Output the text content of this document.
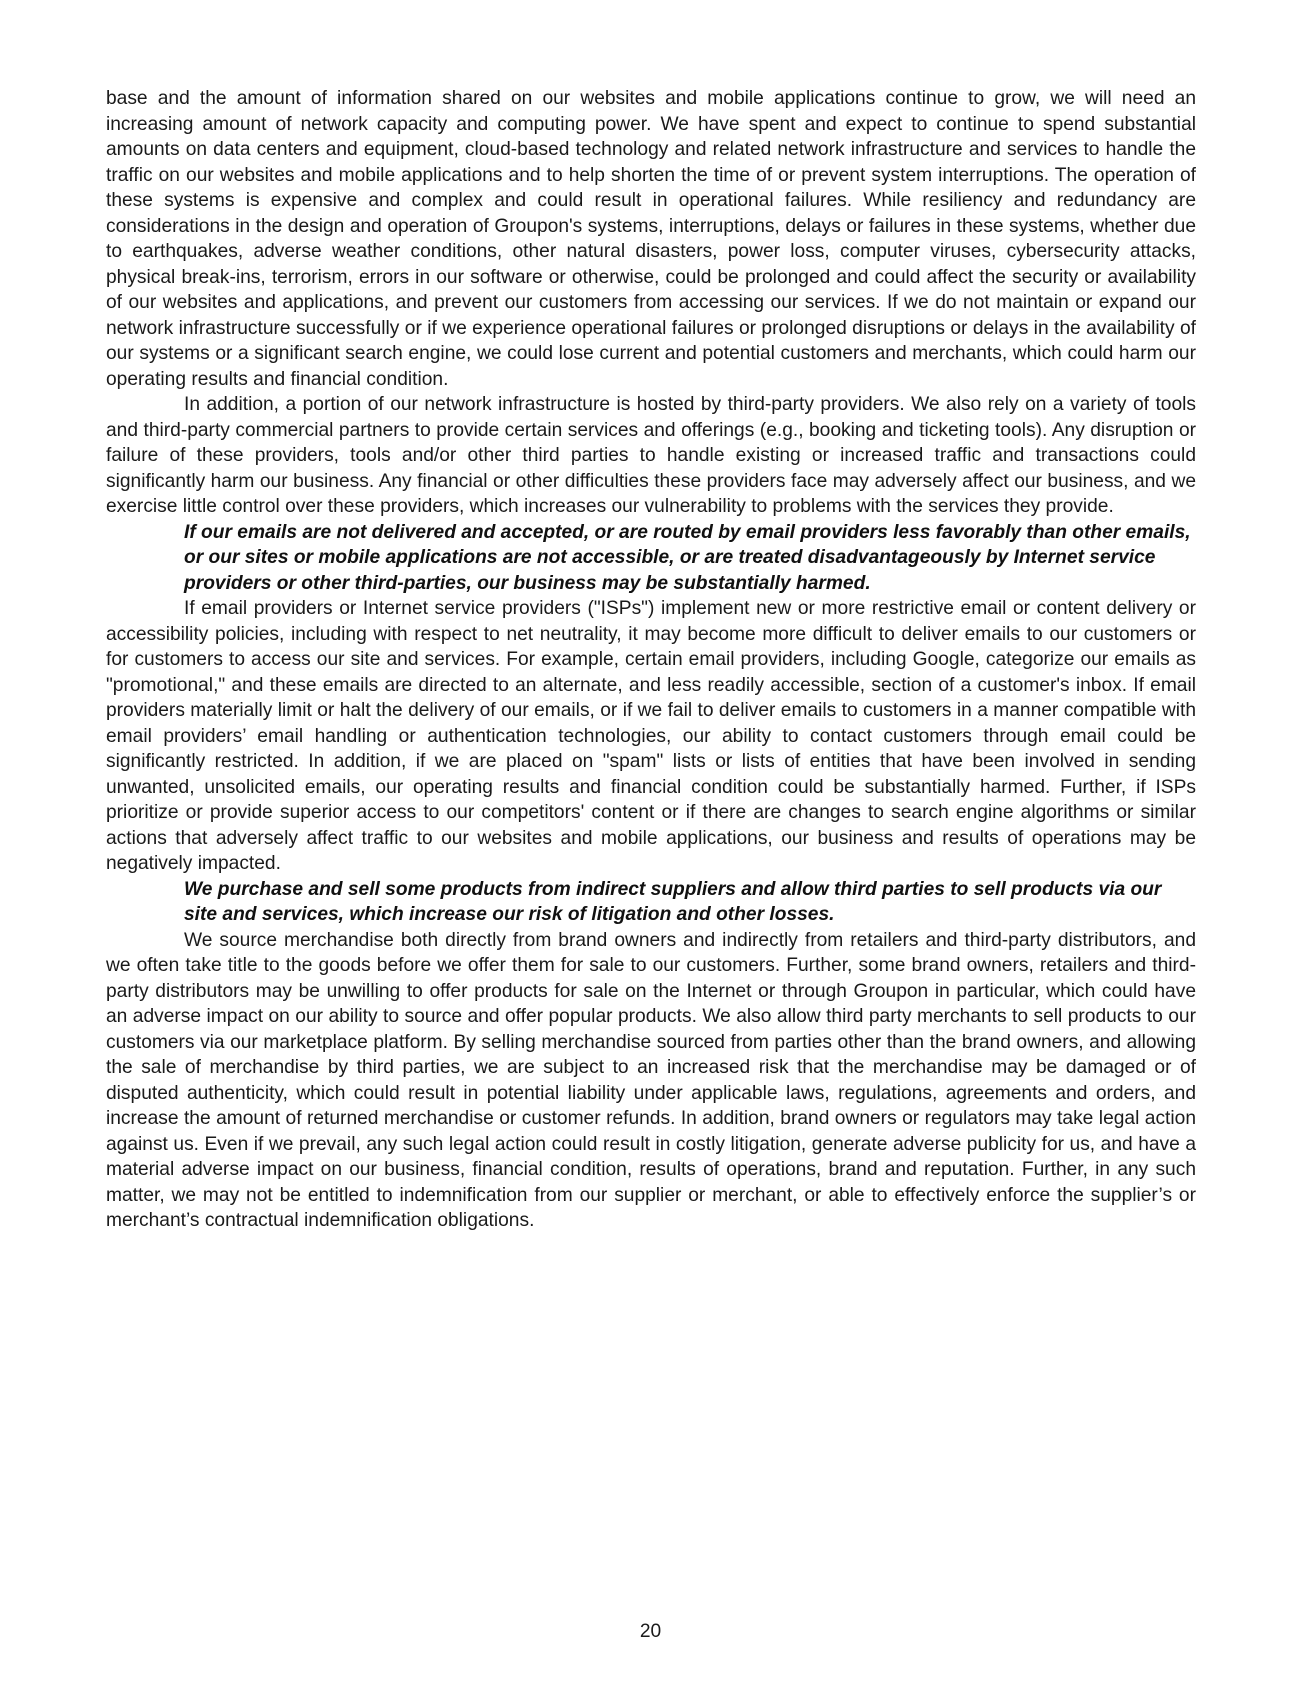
base and the amount of information shared on our websites and mobile applications continue to grow, we will need an increasing amount of network capacity and computing power. We have spent and expect to continue to spend substantial amounts on data centers and equipment, cloud-based technology and related network infrastructure and services to handle the traffic on our websites and mobile applications and to help shorten the time of or prevent system interruptions. The operation of these systems is expensive and complex and could result in operational failures. While resiliency and redundancy are considerations in the design and operation of Groupon's systems, interruptions, delays or failures in these systems, whether due to earthquakes, adverse weather conditions, other natural disasters, power loss, computer viruses, cybersecurity attacks, physical break-ins, terrorism, errors in our software or otherwise, could be prolonged and could affect the security or availability of our websites and applications, and prevent our customers from accessing our services. If we do not maintain or expand our network infrastructure successfully or if we experience operational failures or prolonged disruptions or delays in the availability of our systems or a significant search engine, we could lose current and potential customers and merchants, which could harm our operating results and financial condition.

In addition, a portion of our network infrastructure is hosted by third-party providers. We also rely on a variety of tools and third-party commercial partners to provide certain services and offerings (e.g., booking and ticketing tools). Any disruption or failure of these providers, tools and/or other third parties to handle existing or increased traffic and transactions could significantly harm our business. Any financial or other difficulties these providers face may adversely affect our business, and we exercise little control over these providers, which increases our vulnerability to problems with the services they provide.

If our emails are not delivered and accepted, or are routed by email providers less favorably than other emails, or our sites or mobile applications are not accessible, or are treated disadvantageously by Internet service providers or other third-parties, our business may be substantially harmed.

If email providers or Internet service providers ("ISPs") implement new or more restrictive email or content delivery or accessibility policies, including with respect to net neutrality, it may become more difficult to deliver emails to our customers or for customers to access our site and services. For example, certain email providers, including Google, categorize our emails as "promotional," and these emails are directed to an alternate, and less readily accessible, section of a customer's inbox. If email providers materially limit or halt the delivery of our emails, or if we fail to deliver emails to customers in a manner compatible with email providers’ email handling or authentication technologies, our ability to contact customers through email could be significantly restricted. In addition, if we are placed on "spam" lists or lists of entities that have been involved in sending unwanted, unsolicited emails, our operating results and financial condition could be substantially harmed. Further, if ISPs prioritize or provide superior access to our competitors' content or if there are changes to search engine algorithms or similar actions that adversely affect traffic to our websites and mobile applications, our business and results of operations may be negatively impacted.

We purchase and sell some products from indirect suppliers and allow third parties to sell products via our site and services, which increase our risk of litigation and other losses.

We source merchandise both directly from brand owners and indirectly from retailers and third-party distributors, and we often take title to the goods before we offer them for sale to our customers. Further, some brand owners, retailers and third- party distributors may be unwilling to offer products for sale on the Internet or through Groupon in particular, which could have an adverse impact on our ability to source and offer popular products. We also allow third party merchants to sell products to our customers via our marketplace platform. By selling merchandise sourced from parties other than the brand owners, and allowing the sale of merchandise by third parties, we are subject to an increased risk that the merchandise may be damaged or of disputed authenticity, which could result in potential liability under applicable laws, regulations, agreements and orders, and increase the amount of returned merchandise or customer refunds. In addition, brand owners or regulators may take legal action against us. Even if we prevail, any such legal action could result in costly litigation, generate adverse publicity for us, and have a material adverse impact on our business, financial condition, results of operations, brand and reputation. Further, in any such matter, we may not be entitled to indemnification from our supplier or merchant, or able to effectively enforce the supplier’s or merchant’s contractual indemnification obligations.

20
